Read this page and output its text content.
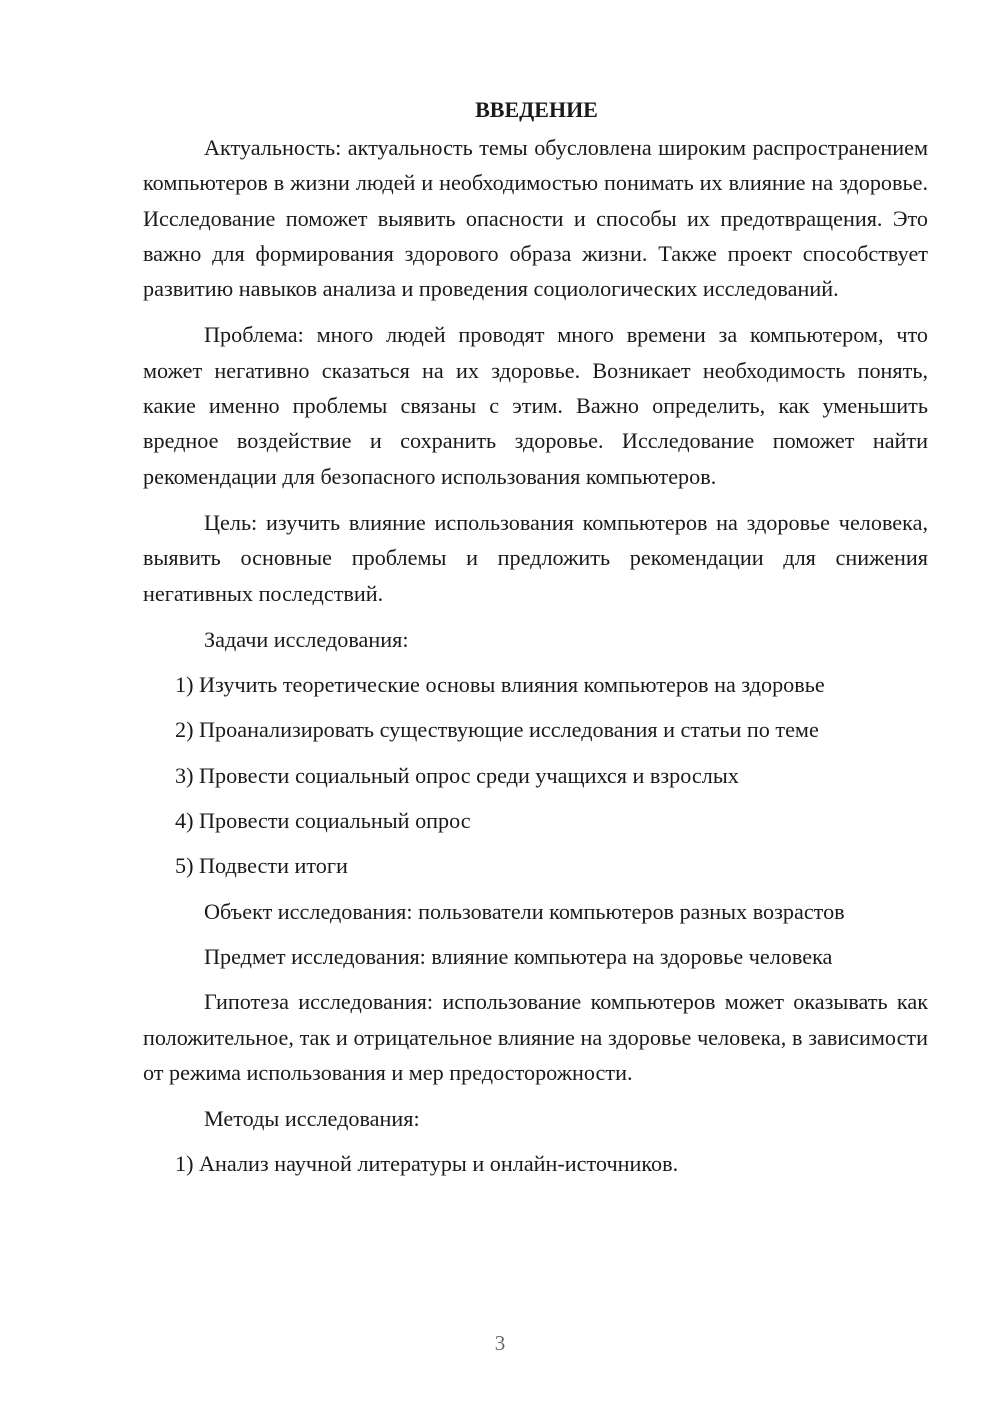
ВВЕДЕНИЕ

Актуальность: актуальность темы обусловлена широким распространением компьютеров в жизни людей и необходимостью понимать их влияние на здоровье. Исследование поможет выявить опасности и способы их предотвращения. Это важно для формирования здорового образа жизни. Также проект способствует развитию навыков анализа и проведения социологических исследований.

Проблема: много людей проводят много времени за компьютером, что может негативно сказаться на их здоровье. Возникает необходимость понять, какие именно проблемы связаны с этим. Важно определить, как уменьшить вредное воздействие и сохранить здоровье. Исследование поможет найти рекомендации для безопасного использования компьютеров.

Цель: изучить влияние использования компьютеров на здоровье человека, выявить основные проблемы и предложить рекомендации для снижения негативных последствий.

Задачи исследования:
1) Изучить теоретические основы влияния компьютеров на здоровье
2) Проанализировать существующие исследования и статьи по теме
3) Провести социальный опрос среди учащихся и взрослых
4) Провести социальный опрос
5) Подвести итоги
Объект исследования: пользователи компьютеров разных возрастов
Предмет исследования: влияние компьютера на здоровье человека

Гипотеза исследования: использование компьютеров может оказывать как положительное, так и отрицательное влияние на здоровье человека, в зависимости от режима использования и мер предосторожности.

Методы исследования:
1) Анализ научной литературы и онлайн-источников.
3
